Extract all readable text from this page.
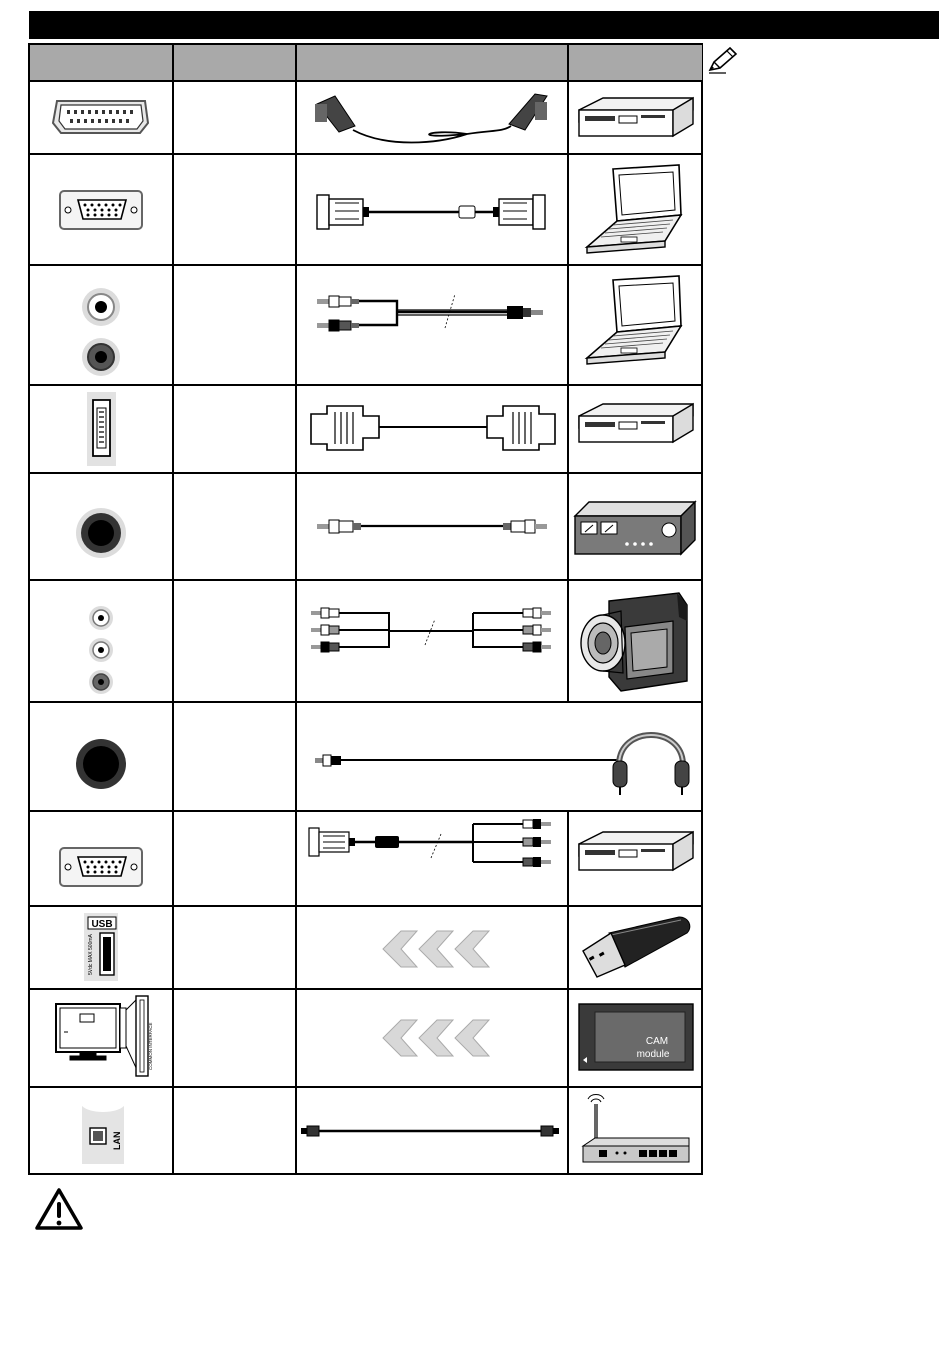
USB
5Vdc MAX 500mA
COMMON INTERFACE	CAM
module
LAN
